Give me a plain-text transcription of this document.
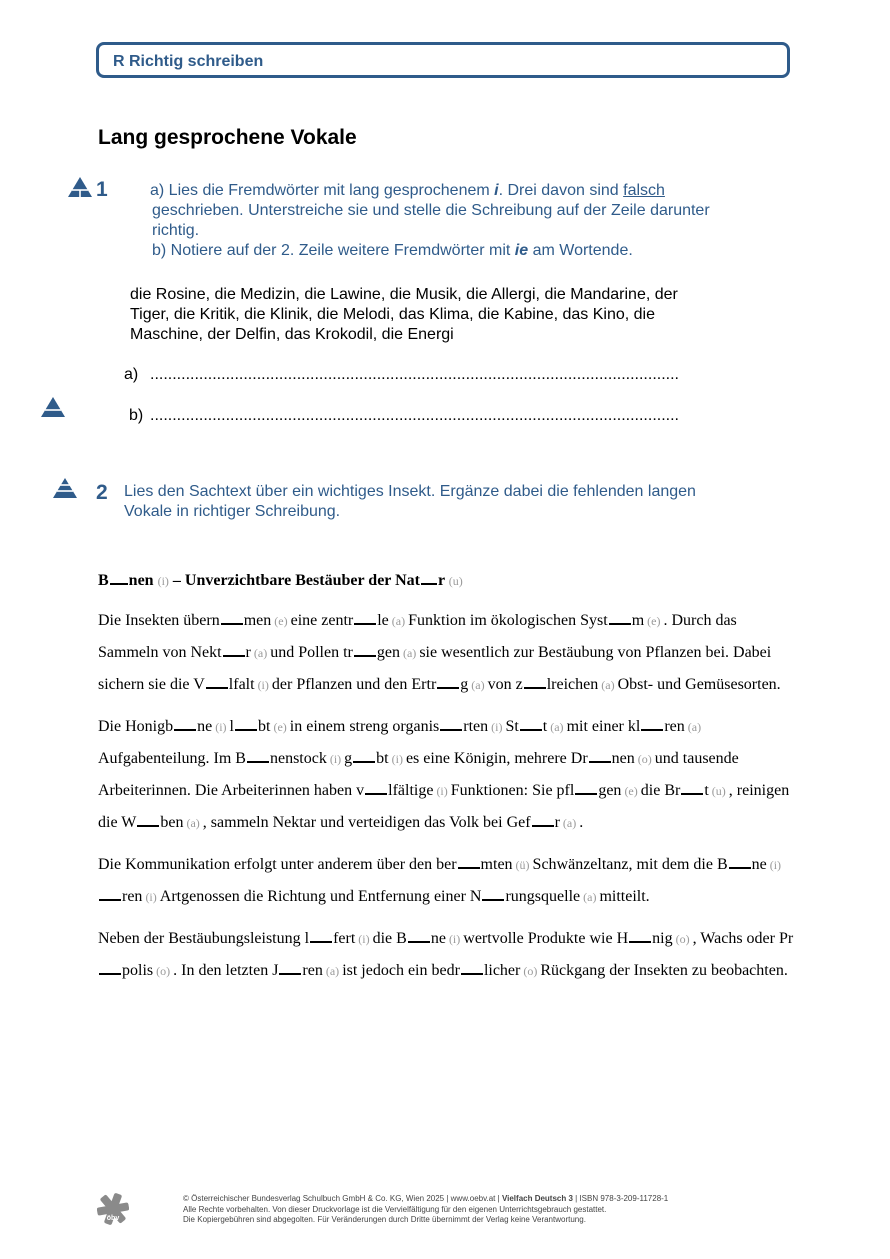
R Richtig schreiben
Lang gesprochene Vokale
1	a) Lies die Fremdwörter mit lang gesprochenem i. Drei davon sind falsch

geschrieben. Unterstreiche sie und stelle die Schreibung auf der Zeile darunter

richtig.

b) Notiere auf der 2. Zeile weitere Fremdwörter mit ie am Wortende.

die Rosine, die Medizin, die Lawine, die Musik, die Allergi, die Mandarine, der
Tiger, die Kritik, die Klinik, die Melodi, das Klima, die Kabine, das Kino, die
Maschine, der Delfin, das Krokodil, die Energi
a) .......................................................................................................................
b) .......................................................................................................................
2 Lies den Sachtext über ein wichtiges Insekt. Ergänze dabei die fehlenden langen

Vokale in richtiger Schreibung.

B nen (i) – Unverzichtbare Bestäuber der Nat r (u)

Die Insekten übern men (e) eine zentr le (a) Funktion im ökologischen Syst m (e) . Durch das Sammeln von Nekt r (a) und Pollen tr gen (a) sie wesentlich zur Bestäubung von Pflanzen bei. Dabei sichern sie die V lfalt (i) der Pflanzen und den Ertr g (a) von z lreichen (a) Obst- und Gemüsesorten.

Die Honigb ne (i) l bt (e) in einem streng organis rten (i) St t (a) mit einer kl ren (a) Aufgabenteilung. Im B nenstock (i) g bt (i) es eine Königin, mehrere Dr nen (o) und tausende Arbeiterinnen. Die Arbeiterinnen haben v lfältige (i) Funktionen: Sie pfl gen (e) die Br t (u) , reinigen die W ben (a) , sammeln Nektar und verteidigen das Volk bei Gef r (a) .

Die Kommunikation erfolgt unter anderem über den ber mten (ü) Schwänzeltanz, mit dem die B ne (i) ren (i) Artgenossen die Richtung und Entfernung einer N rungsquelle (a) mitteilt.

Neben der Bestäubungsleistung l fert (i) die B ne (i) wertvolle Produkte wie H nig (o) , Wachs oder Prpolis (o) . In den letzten J ren (a) ist jedoch ein bedr licher (o) Rückgang der Insekten zu beobachten.

öbv

© Österreichischer Bundesverlag Schulbuch GmbH & Co. KG, Wien 2025 | www.oebv.at | Vielfach Deutsch 3 | ISBN 978-3-209-11728-1

Alle Rechte vorbehalten. Von dieser Druckvorlage ist die Vervielfältigung für den eigenen Unterrichtsgebrauch gestattet.

Die Kopiergebühren sind abgegolten. Für Veränderungen durch Dritte übernimmt der Verlag keine Verantwortung.
